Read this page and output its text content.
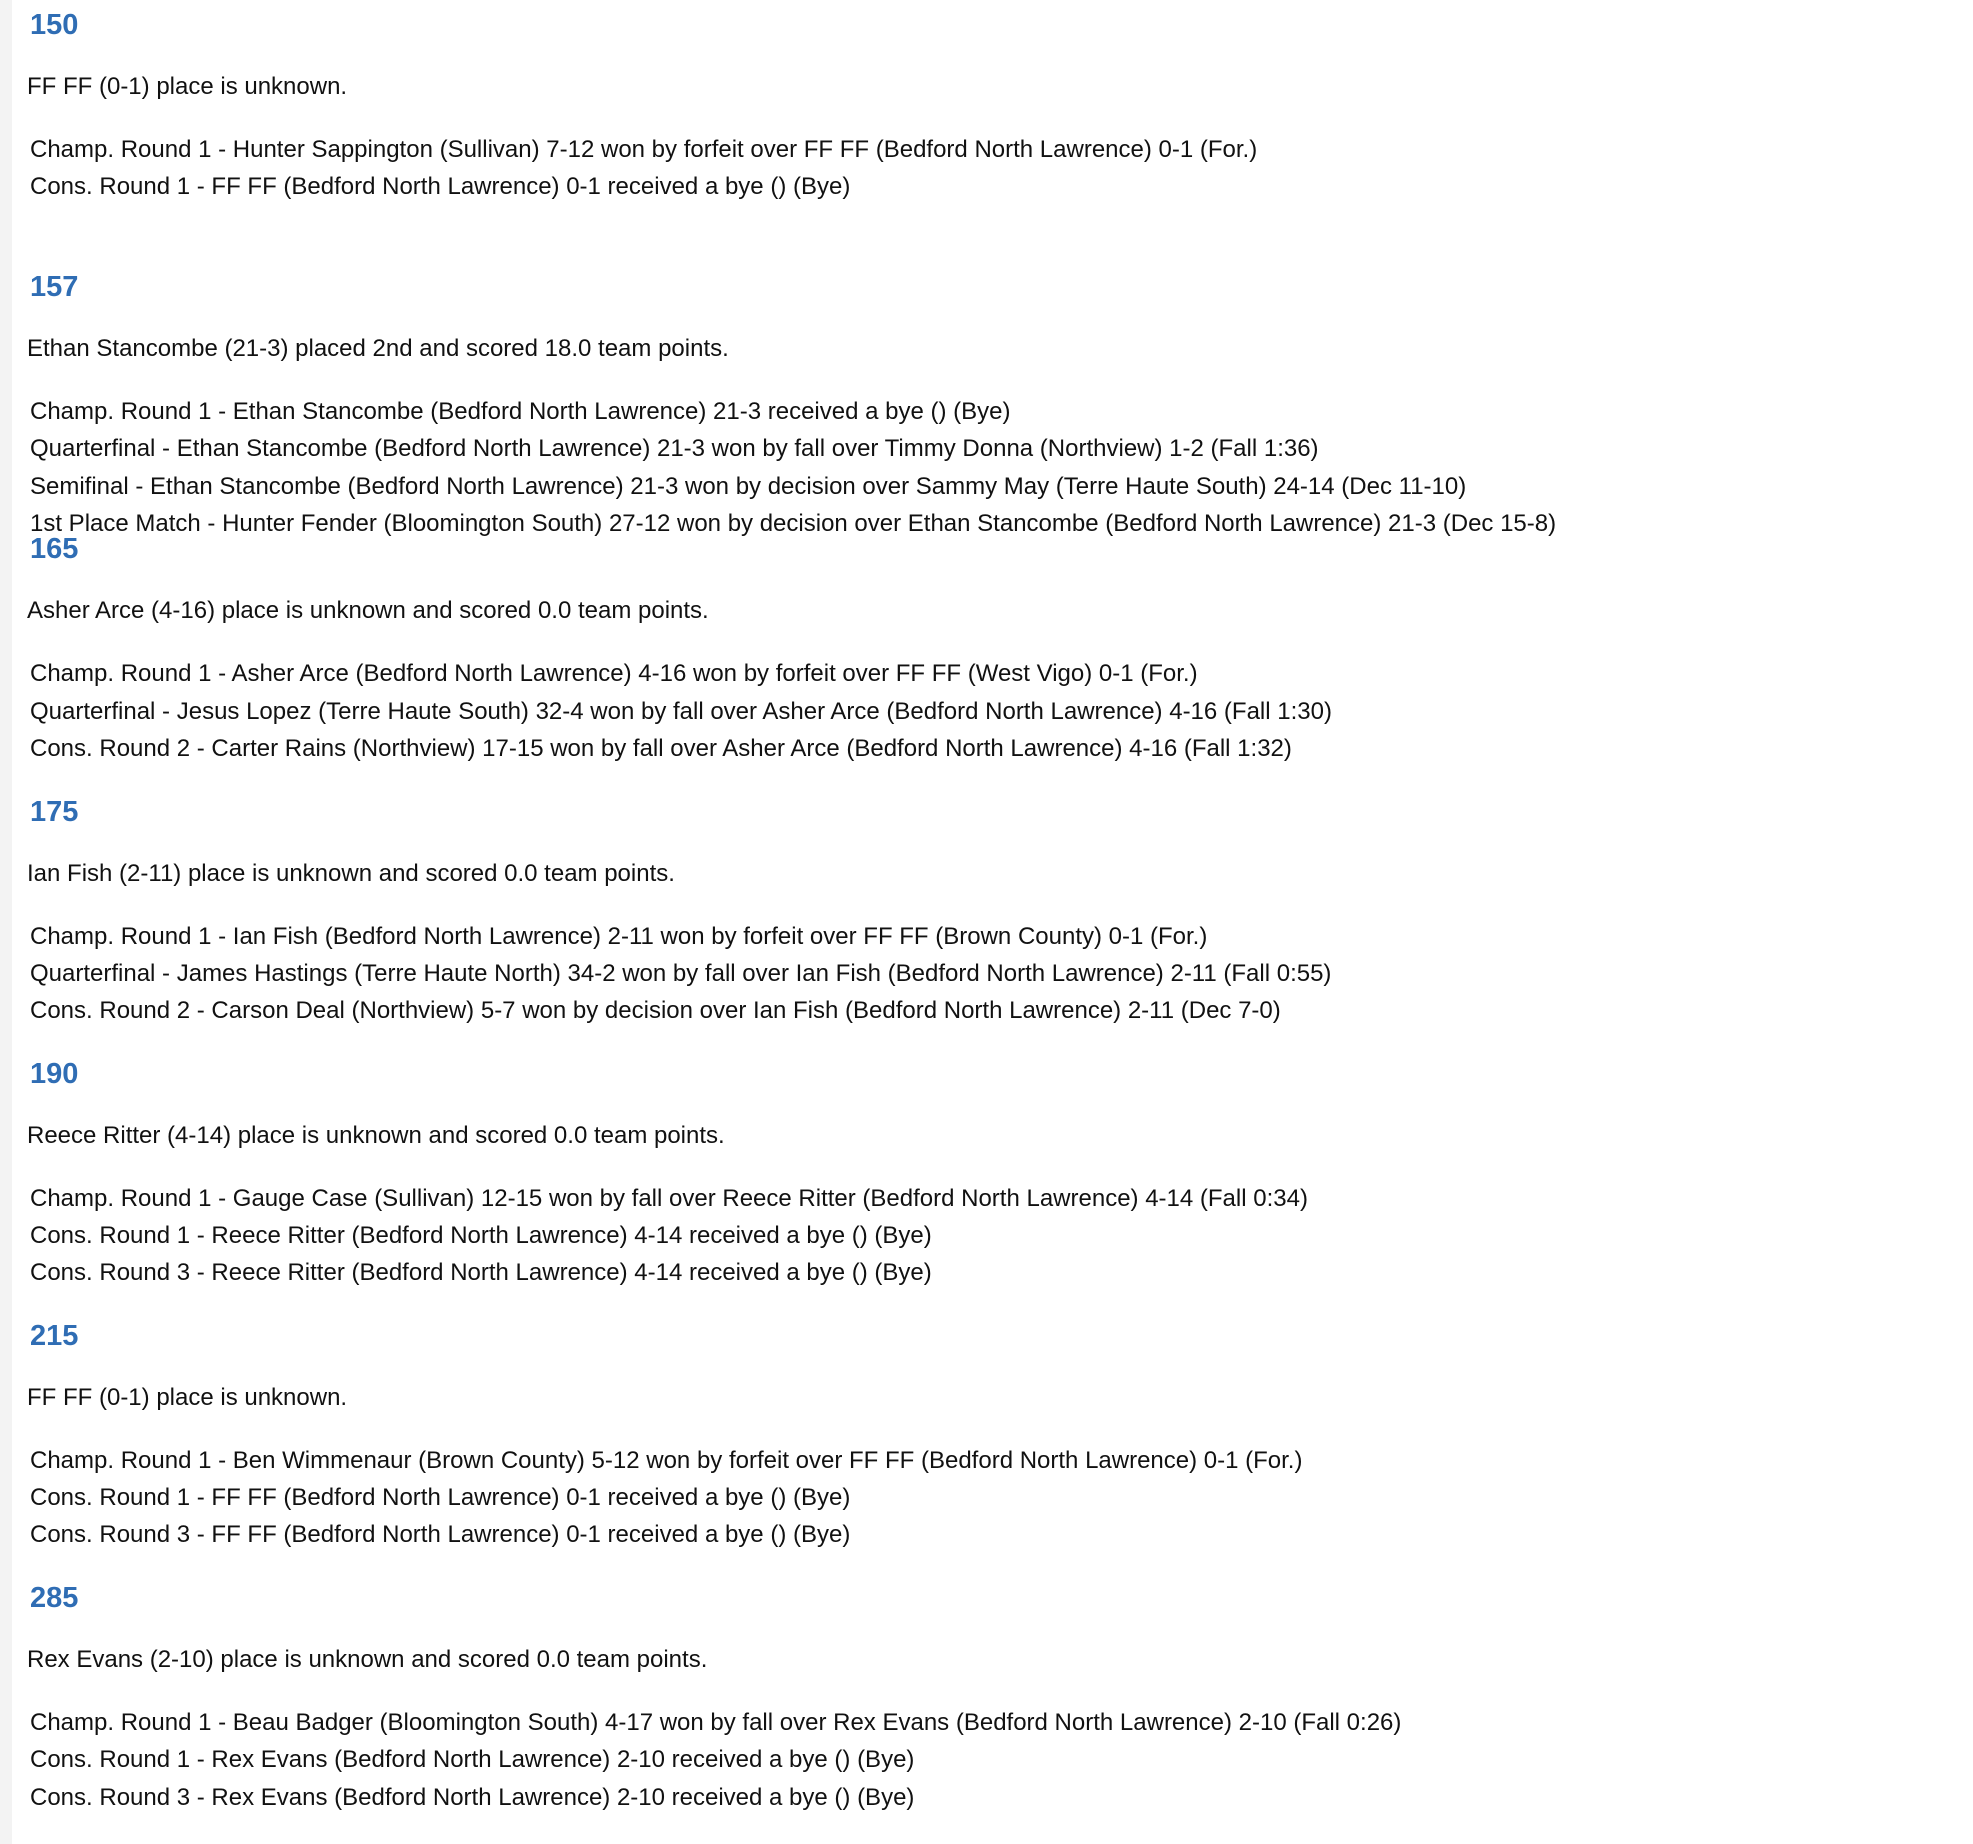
150

FF FF (0-1) place is unknown.

Champ. Round 1 - Hunter Sappington (Sullivan) 7-12 won by forfeit over FF FF (Bedford North Lawrence) 0-1 (For.)
Cons. Round 1 - FF FF (Bedford North Lawrence) 0-1 received a bye () (Bye)
157

Ethan Stancombe (21-3) placed 2nd and scored 18.0 team points.

Champ. Round 1 - Ethan Stancombe (Bedford North Lawrence) 21-3 received a bye () (Bye)
Quarterfinal - Ethan Stancombe (Bedford North Lawrence) 21-3 won by fall over Timmy Donna (Northview) 1-2 (Fall 1:36)
Semifinal - Ethan Stancombe (Bedford North Lawrence) 21-3 won by decision over Sammy May (Terre Haute South) 24-14 (Dec 11-10)
1st Place Match - Hunter Fender (Bloomington South) 27-12 won by decision over Ethan Stancombe (Bedford North Lawrence) 21-3 (Dec 15-8)
165

Asher Arce (4-16) place is unknown and scored 0.0 team points.

Champ. Round 1 - Asher Arce (Bedford North Lawrence) 4-16 won by forfeit over FF FF (West Vigo) 0-1 (For.)
Quarterfinal - Jesus Lopez (Terre Haute South) 32-4 won by fall over Asher Arce (Bedford North Lawrence) 4-16 (Fall 1:30)
Cons. Round 2 - Carter Rains (Northview) 17-15 won by fall over Asher Arce (Bedford North Lawrence) 4-16 (Fall 1:32)
175

Ian Fish (2-11) place is unknown and scored 0.0 team points.

Champ. Round 1 - Ian Fish (Bedford North Lawrence) 2-11 won by forfeit over FF FF (Brown County) 0-1 (For.)
Quarterfinal - James Hastings (Terre Haute North) 34-2 won by fall over Ian Fish (Bedford North Lawrence) 2-11 (Fall 0:55)
Cons. Round 2 - Carson Deal (Northview) 5-7 won by decision over Ian Fish (Bedford North Lawrence) 2-11 (Dec 7-0)
190

Reece Ritter (4-14) place is unknown and scored 0.0 team points.

Champ. Round 1 - Gauge Case (Sullivan) 12-15 won by fall over Reece Ritter (Bedford North Lawrence) 4-14 (Fall 0:34)
Cons. Round 1 - Reece Ritter (Bedford North Lawrence) 4-14 received a bye () (Bye)
Cons. Round 3 - Reece Ritter (Bedford North Lawrence) 4-14 received a bye () (Bye)
215

FF FF (0-1) place is unknown.

Champ. Round 1 - Ben Wimmenaur (Brown County) 5-12 won by forfeit over FF FF (Bedford North Lawrence) 0-1 (For.)
Cons. Round 1 - FF FF (Bedford North Lawrence) 0-1 received a bye () (Bye)
Cons. Round 3 - FF FF (Bedford North Lawrence) 0-1 received a bye () (Bye)
285

Rex Evans (2-10) place is unknown and scored 0.0 team points.

Champ. Round 1 - Beau Badger (Bloomington South) 4-17 won by fall over Rex Evans (Bedford North Lawrence) 2-10 (Fall 0:26)
Cons. Round 1 - Rex Evans (Bedford North Lawrence) 2-10 received a bye () (Bye)
Cons. Round 3 - Rex Evans (Bedford North Lawrence) 2-10 received a bye () (Bye)
